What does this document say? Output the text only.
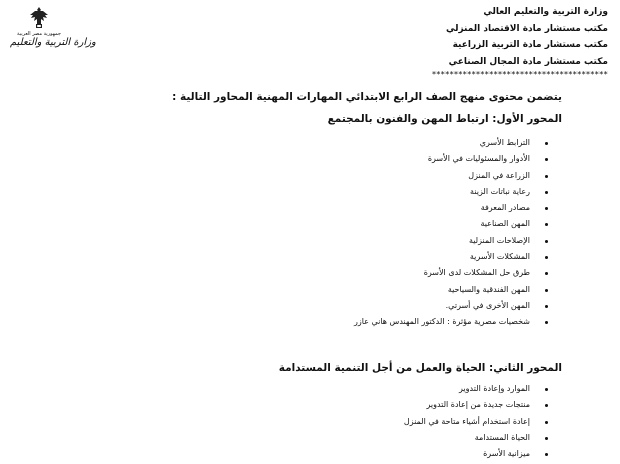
جمهورية مصر العربية
وزارة التربية والتعليم
وزارة التربية والتعليم العالي
مكتب مستشار مادة الاقتصاد المنزلي
مكتب مستشار مادة التربية الزراعية
مكتب مستشار مادة المجال الصناعي
****************************************
يتضمن محتوى منهج الصف الرابع الابتدائي المهارات المهنية المحاور التالية :
المحور الأول: ارتباط المهن والفنون بالمجتمع
الترابط الأسري
الأدوار والمسئوليات في الأسرة
الزراعة في المنزل
رعاية نباتات الزينة
مصادر المعرفة
المهن الصناعية
الإصلاحات المنزلية
المشكلات الأسرية
طرق حل المشكلات لدى الأسرة
المهن الفندقية والسياحية
المهن الأخرى في أسرتي.
شخصيات مصرية مؤثرة : الدكتور المهندس هاني عازر
المحور الثاني: الحياة والعمل من أجل التنمية المستدامة
الموارد وإعادة التدوير
منتجات جديدة من إعادة التدوير
إعادة استخدام أشياء متاحة في المنزل
الحياة المستدامة
ميزانية الأسرة
